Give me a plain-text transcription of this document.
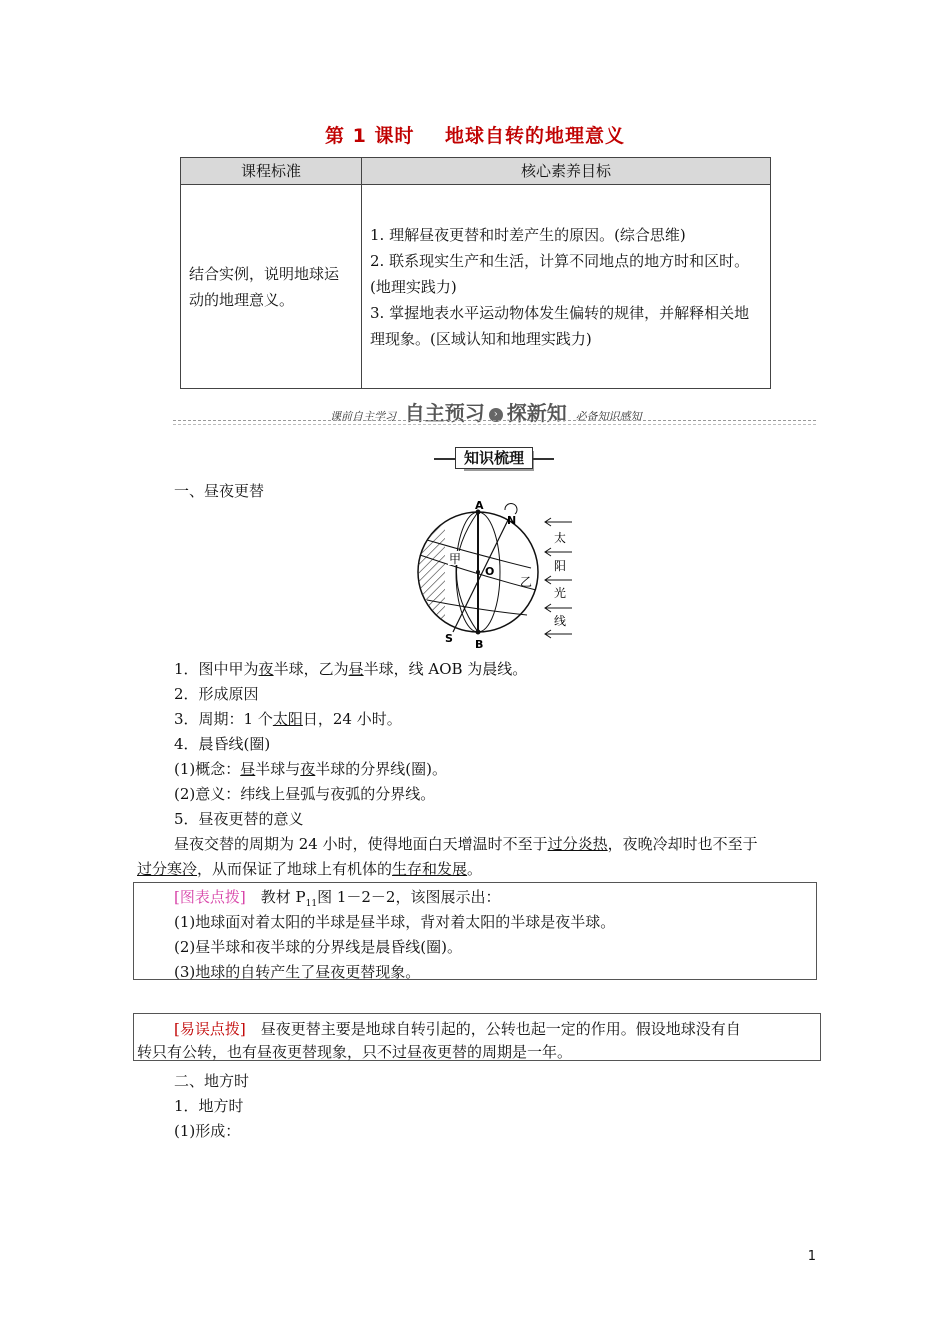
第 1 课时    地球自转的地理意义
课程标准	核心素养目标
结合实例，说明地球运动的地理意义。	1. 理解昼夜更替和时差产生的原因。(综合思维)
2. 联系现实生产和生活，计算不同地点的地方时和区时。(地理实践力)
3. 掌握地表水平运动物体发生偏转的规律，并解释相关地理现象。(区域认知和地理实践力)
课前自主学习 自主预习 › 探新知 必备知识感知
知识梳理
一、昼夜更替
A
N
S B
O
甲
乙
太
阳
光
线
1．图中甲为夜半球，乙为昼半球，线 AOB 为晨线。
2．形成原因
3．周期：1 个太阳日，24 小时。
4．晨昏线(圈)
(1)概念：昼半球与夜半球的分界线(圈)。
(2)意义：纬线上昼弧与夜弧的分界线。
5．昼夜更替的意义
昼夜交替的周期为 24 小时，使得地面白天增温时不至于过分炎热，夜晚冷却时也不至于
过分寒冷，从而保证了地球上有机体的生存和发展。
[图表点拨]　 教材 $P_{11}$图 1－2－2，该图展示出：
(1)地球面对着太阳的半球是昼半球，背对着太阳的半球是夜半球。
(2)昼半球和夜半球的分界线是晨昏线(圈)。
(3)地球的自转产生了昼夜更替现象。
[易误点拨]　 昼夜更替主要是地球自转引起的，公转也起一定的作用。假设地球没有自
转只有公转，也有昼夜更替现象，只不过昼夜更替的周期是一年。
二、地方时
1．地方时
(1)形成：
1
